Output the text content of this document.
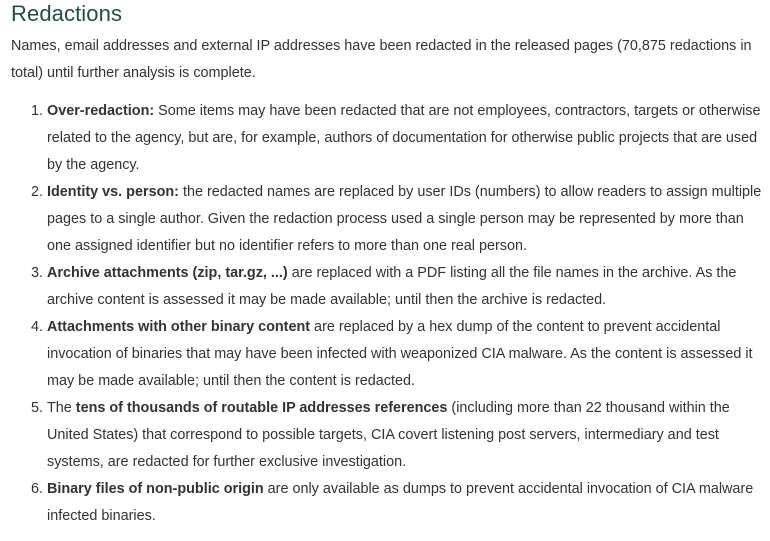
Redactions

Names, email addresses and external IP addresses have been redacted in the released pages (70,875 redactions in total) until further analysis is complete.

1. Over-redaction: Some items may have been redacted that are not employees, contractors, targets or otherwise related to the agency, but are, for example, authors of documentation for otherwise public projects that are used by the agency.
2. Identity vs. person: the redacted names are replaced by user IDs (numbers) to allow readers to assign multiple pages to a single author. Given the redaction process used a single person may be represented by more than one assigned identifier but no identifier refers to more than one real person.
3. Archive attachments (zip, tar.gz, ...) are replaced with a PDF listing all the file names in the archive. As the archive content is assessed it may be made available; until then the archive is redacted.
4. Attachments with other binary content are replaced by a hex dump of the content to prevent accidental invocation of binaries that may have been infected with weaponized CIA malware. As the content is assessed it may be made available; until then the content is redacted.
5. The tens of thousands of routable IP addresses references (including more than 22 thousand within the United States) that correspond to possible targets, CIA covert listening post servers, intermediary and test systems, are redacted for further exclusive investigation.
6. Binary files of non-public origin are only available as dumps to prevent accidental invocation of CIA malware infected binaries.
